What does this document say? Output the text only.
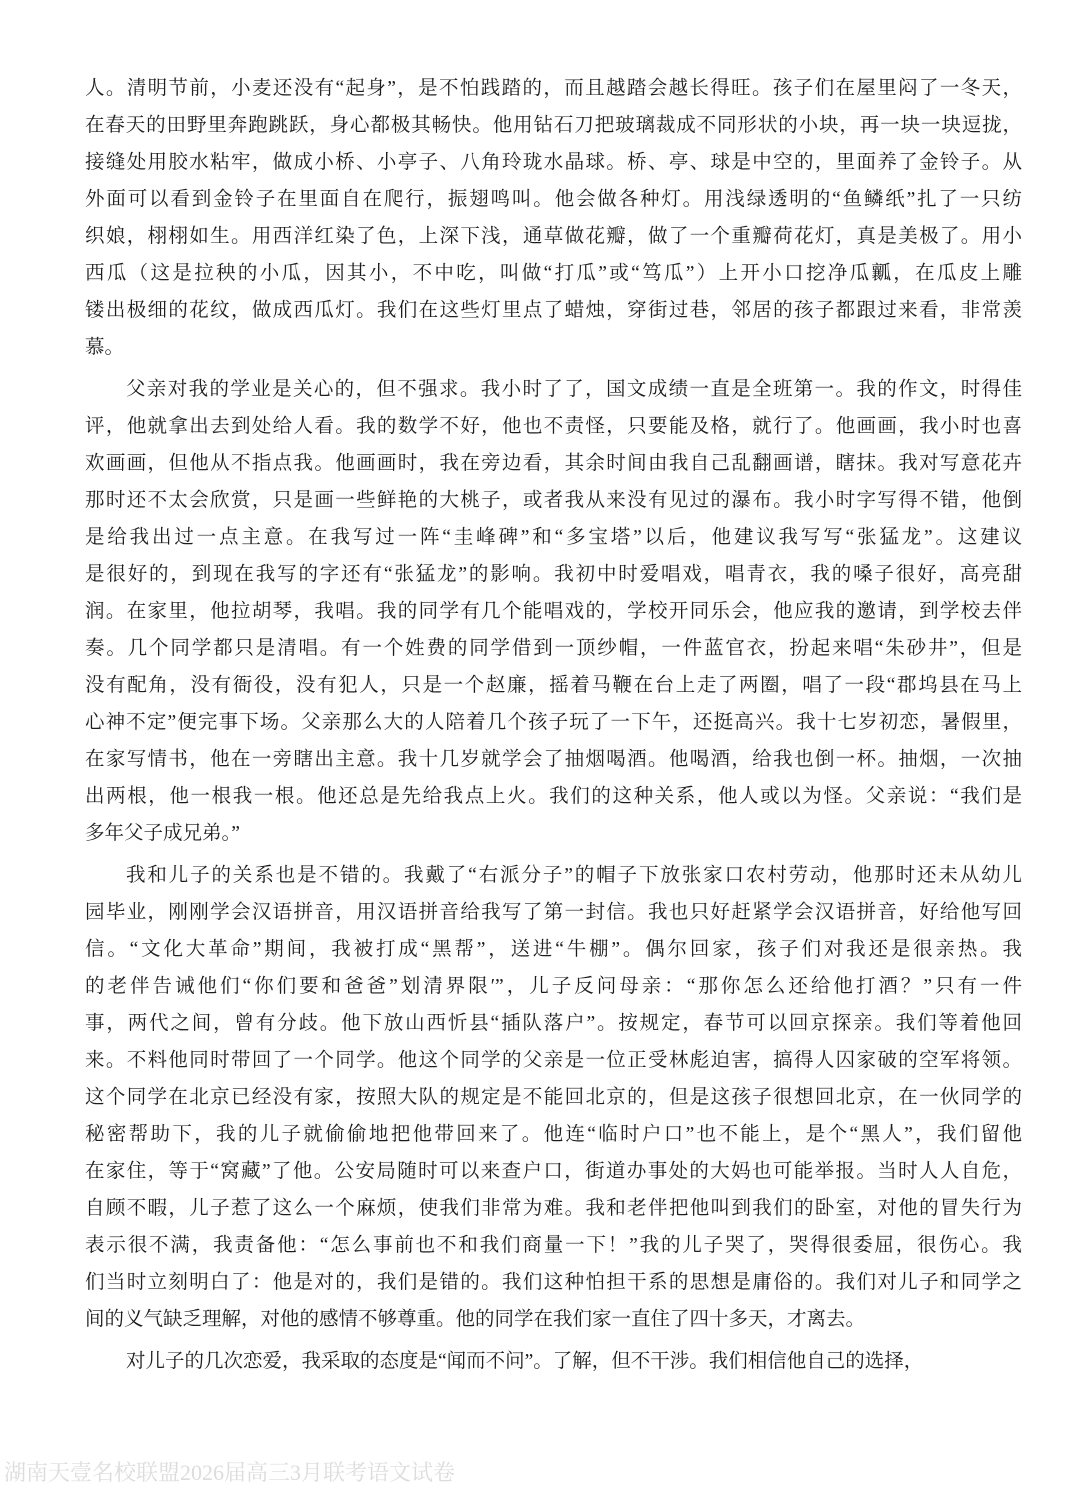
人。清明节前，小麦还没有“起身”，是不怕践踏的，而且越踏会越长得旺。孩子们在屋里闷了一冬天，
在春天的田野里奔跑跳跃，身心都极其畅快。他用钻石刀把玻璃裁成不同形状的小块，再一块一块逗拢，
接缝处用胶水粘牢，做成小桥、小亭子、八角玲珑水晶球。桥、亭、球是中空的，里面养了金铃子。从
外面可以看到金铃子在里面自在爬行，振翅鸣叫。他会做各种灯。用浅绿透明的“鱼鳞纸”扎了一只纺
织娘，栩栩如生。用西洋红染了色，上深下浅，通草做花瓣，做了一个重瓣荷花灯，真是美极了。用小
西瓜（这是拉秧的小瓜，因其小，不中吃，叫做“打瓜”或“笃瓜”）上开小口挖净瓜瓤，在瓜皮上雕
镂出极细的花纹，做成西瓜灯。我们在这些灯里点了蜡烛，穿街过巷，邻居的孩子都跟过来看，非常羡
慕。
父亲对我的学业是关心的，但不强求。我小时了了，国文成绩一直是全班第一。我的作文，时得佳
评，他就拿出去到处给人看。我的数学不好，他也不责怪，只要能及格，就行了。他画画，我小时也喜
欢画画，但他从不指点我。他画画时，我在旁边看，其余时间由我自己乱翻画谱，瞎抹。我对写意花卉
那时还不太会欣赏，只是画一些鲜艳的大桃子，或者我从来没有见过的瀑布。我小时字写得不错，他倒
是给我出过一点主意。在我写过一阵“圭峰碑”和“多宝塔”以后，他建议我写写“张猛龙”。这建议
是很好的，到现在我写的字还有“张猛龙”的影响。我初中时爱唱戏，唱青衣，我的嗓子很好，高亮甜
润。在家里，他拉胡琴，我唱。我的同学有几个能唱戏的，学校开同乐会，他应我的邀请，到学校去伴
奏。几个同学都只是清唱。有一个姓费的同学借到一顶纱帽，一件蓝官衣，扮起来唱“朱砂井”，但是
没有配角，没有衙役，没有犯人，只是一个赵廉，摇着马鞭在台上走了两圈，唱了一段“郡坞县在马上
心神不定”便完事下场。父亲那么大的人陪着几个孩子玩了一下午，还挺高兴。我十七岁初恋，暑假里，
在家写情书，他在一旁瞎出主意。我十几岁就学会了抽烟喝酒。他喝酒，给我也倒一杯。抽烟，一次抽
出两根，他一根我一根。他还总是先给我点上火。我们的这种关系，他人或以为怪。父亲说：“我们是
多年父子成兄弟。”
我和儿子的关系也是不错的。我戴了“右派分子”的帽子下放张家口农村劳动，他那时还未从幼儿
园毕业，刚刚学会汉语拼音，用汉语拼音给我写了第一封信。我也只好赶紧学会汉语拼音，好给他写回
信。“文化大革命”期间，我被打成“黑帮”，送进“牛棚”。偶尔回家，孩子们对我还是很亲热。我
的老伴告诫他们“你们要和爸爸”划清界限′”，儿子反问母亲：“那你怎么还给他打酒？”只有一件
事，两代之间，曾有分歧。他下放山西忻县“插队落户”。按规定，春节可以回京探亲。我们等着他回
来。不料他同时带回了一个同学。他这个同学的父亲是一位正受林彪迫害，搞得人囚家破的空军将领。
这个同学在北京已经没有家，按照大队的规定是不能回北京的，但是这孩子很想回北京，在一伙同学的
秘密帮助下，我的儿子就偷偷地把他带回来了。他连“临时户口”也不能上，是个“黑人”，我们留他
在家住，等于“窝藏”了他。公安局随时可以来查户口，街道办事处的大妈也可能举报。当时人人自危，
自顾不暇，儿子惹了这么一个麻烦，使我们非常为难。我和老伴把他叫到我们的卧室，对他的冒失行为
表示很不满，我责备他：“怎么事前也不和我们商量一下！”我的儿子哭了，哭得很委屈，很伤心。我
们当时立刻明白了：他是对的，我们是错的。我们这种怕担干系的思想是庸俗的。我们对儿子和同学之
间的义气缺乏理解，对他的感情不够尊重。他的同学在我们家一直住了四十多天，才离去。
对儿子的几次恋爱，我采取的态度是“闻而不问”。了解，但不干涉。我们相信他自己的选择，
湖南天壹名校联盟2026届高三3月联考语文试卷
